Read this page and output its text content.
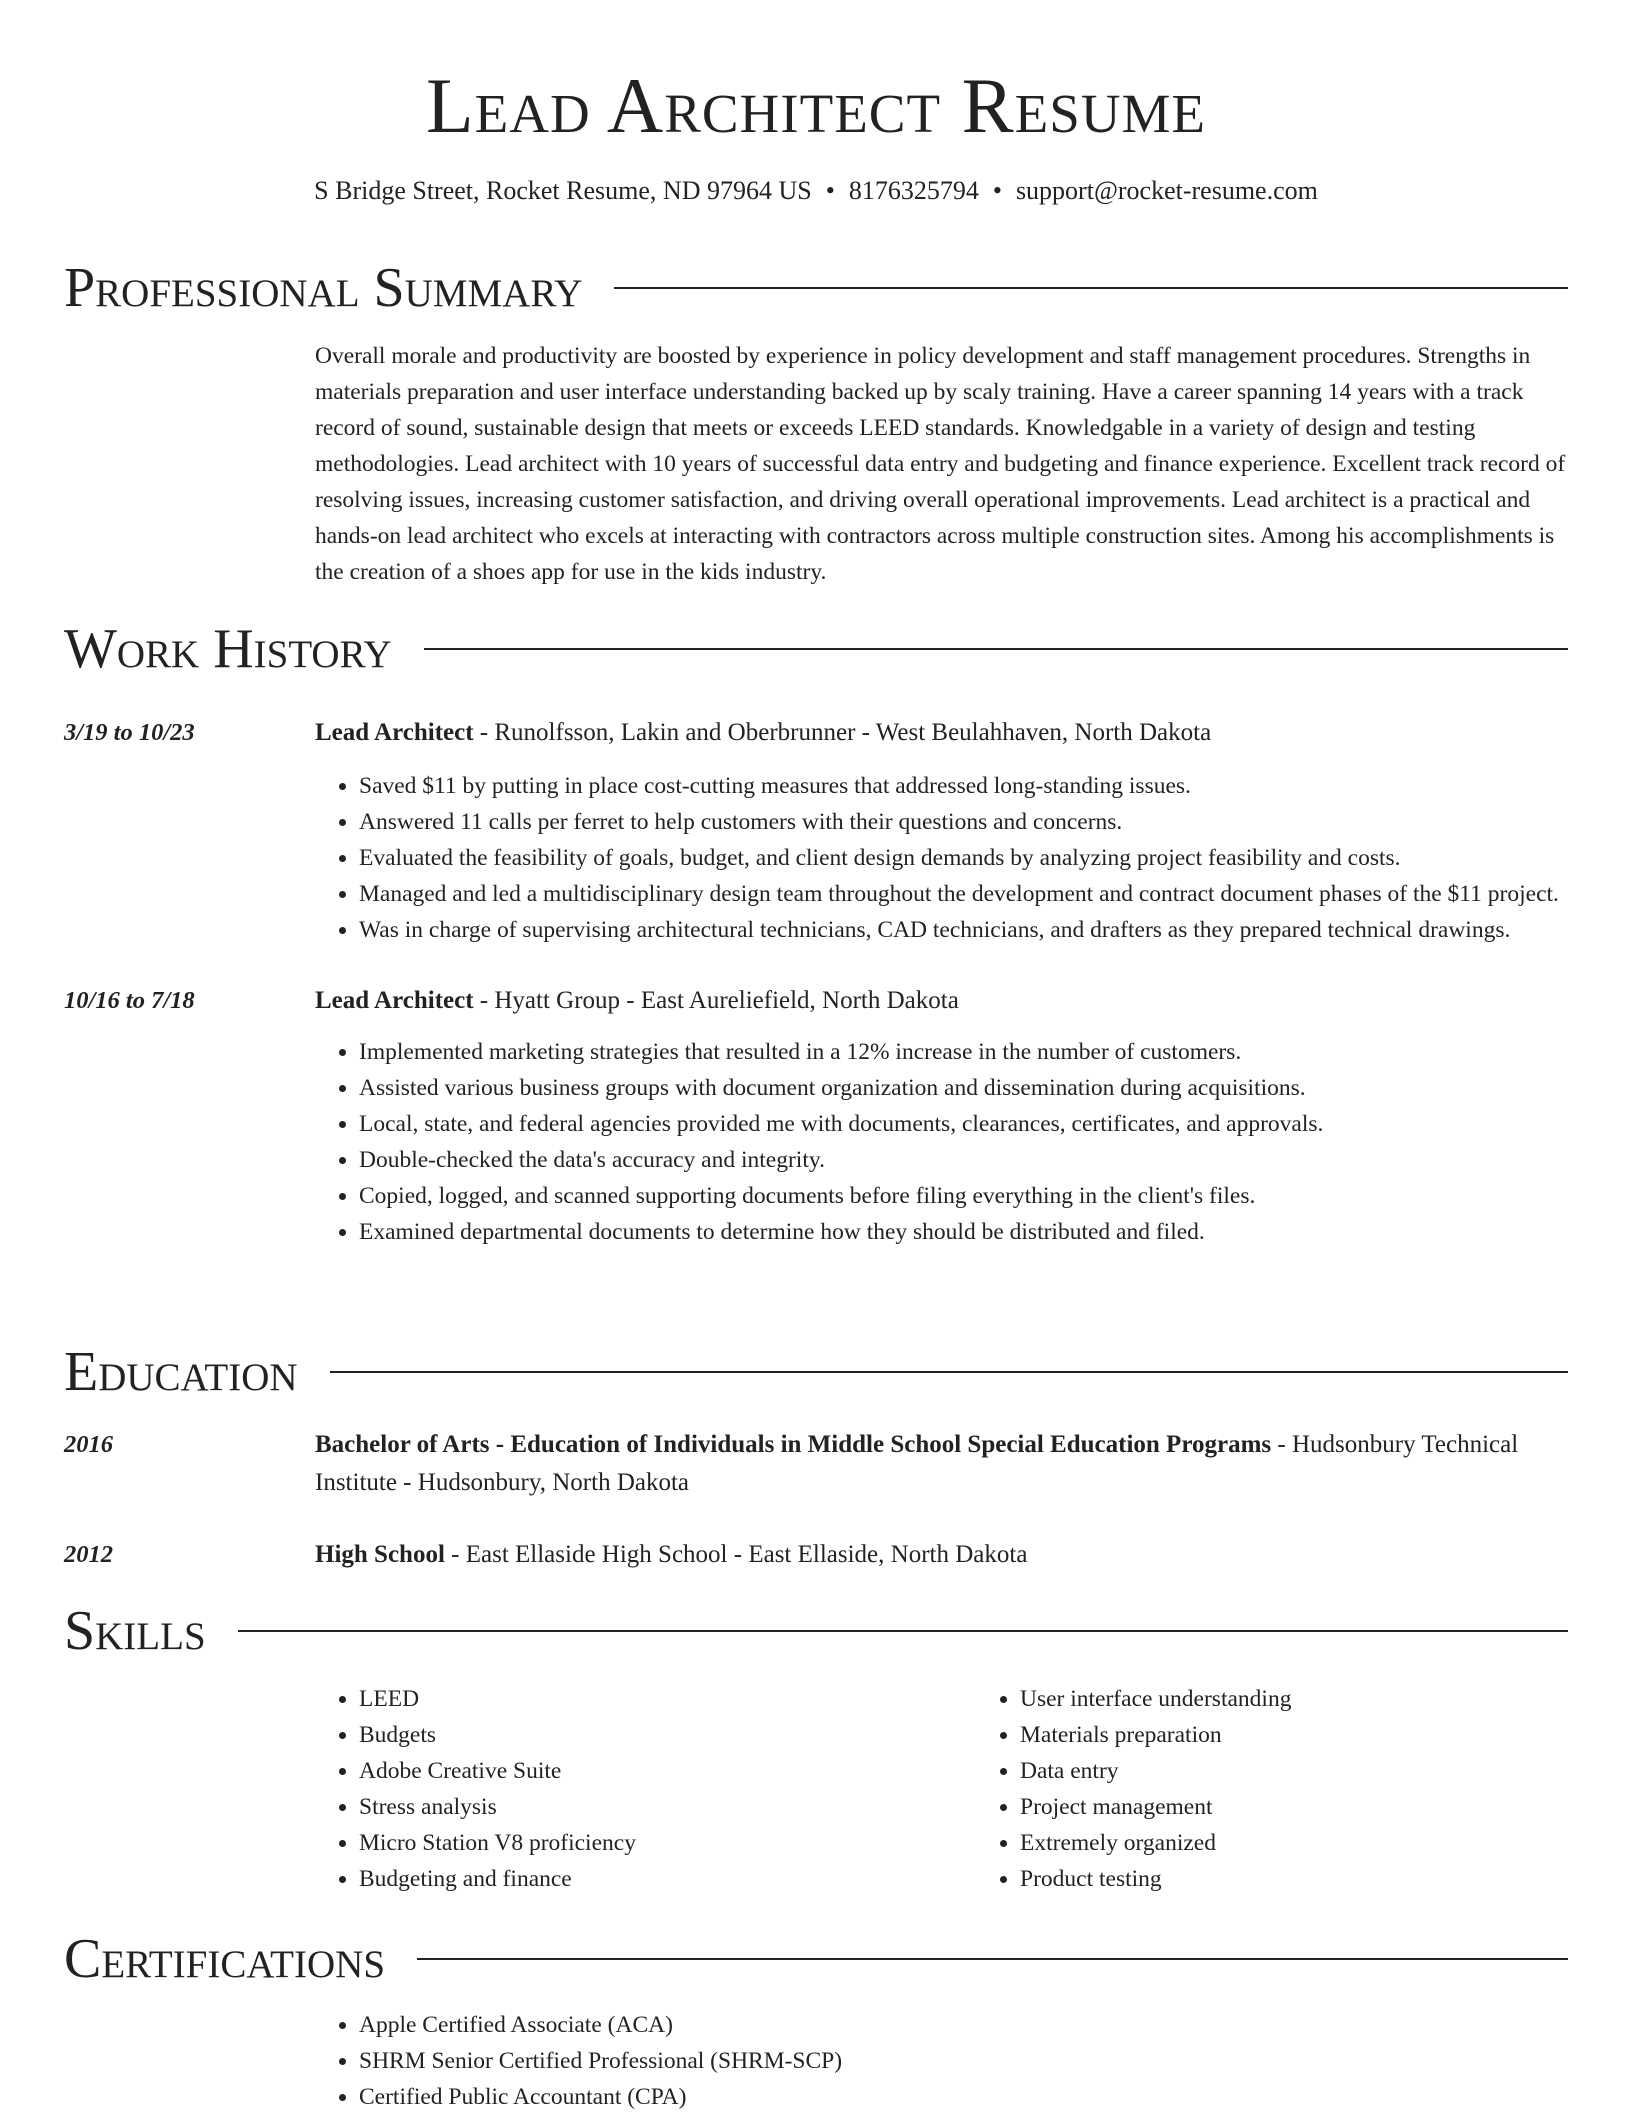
Lead Architect Resume
S Bridge Street, Rocket Resume, ND 97964 US • 8176325794 • support@rocket-resume.com
Professional Summary
Overall morale and productivity are boosted by experience in policy development and staff management procedures. Strengths in materials preparation and user interface understanding backed up by scaly training. Have a career spanning 14 years with a track record of sound, sustainable design that meets or exceeds LEED standards. Knowledgable in a variety of design and testing methodologies. Lead architect with 10 years of successful data entry and budgeting and finance experience. Excellent track record of resolving issues, increasing customer satisfaction, and driving overall operational improvements. Lead architect is a practical and hands-on lead architect who excels at interacting with contractors across multiple construction sites. Among his accomplishments is the creation of a shoes app for use in the kids industry.
Work History
3/19 to 10/23	Lead Architect - Runolfsson, Lakin and Oberbrunner - West Beulahhaven, North Dakota
• Saved $11 by putting in place cost-cutting measures that addressed long-standing issues.
• Answered 11 calls per ferret to help customers with their questions and concerns.
• Evaluated the feasibility of goals, budget, and client design demands by analyzing project feasibility and costs.
• Managed and led a multidisciplinary design team throughout the development and contract document phases of the $11 project.
• Was in charge of supervising architectural technicians, CAD technicians, and drafters as they prepared technical drawings.
10/16 to 7/18	Lead Architect - Hyatt Group - East Aureliefield, North Dakota
• Implemented marketing strategies that resulted in a 12% increase in the number of customers.
• Assisted various business groups with document organization and dissemination during acquisitions.
• Local, state, and federal agencies provided me with documents, clearances, certificates, and approvals.
• Double-checked the data's accuracy and integrity.
• Copied, logged, and scanned supporting documents before filing everything in the client's files.
• Examined departmental documents to determine how they should be distributed and filed.
Education
2016	Bachelor of Arts - Education of Individuals in Middle School Special Education Programs - Hudsonbury Technical Institute - Hudsonbury, North Dakota
2012	High School - East Ellaside High School - East Ellaside, North Dakota
Skills
• LEED
• Budgets
• Adobe Creative Suite
• Stress analysis
• Micro Station V8 proficiency
• Budgeting and finance
• User interface understanding
• Materials preparation
• Data entry
• Project management
• Extremely organized
• Product testing
Certifications
• Apple Certified Associate (ACA)
• SHRM Senior Certified Professional (SHRM-SCP)
• Certified Public Accountant (CPA)
